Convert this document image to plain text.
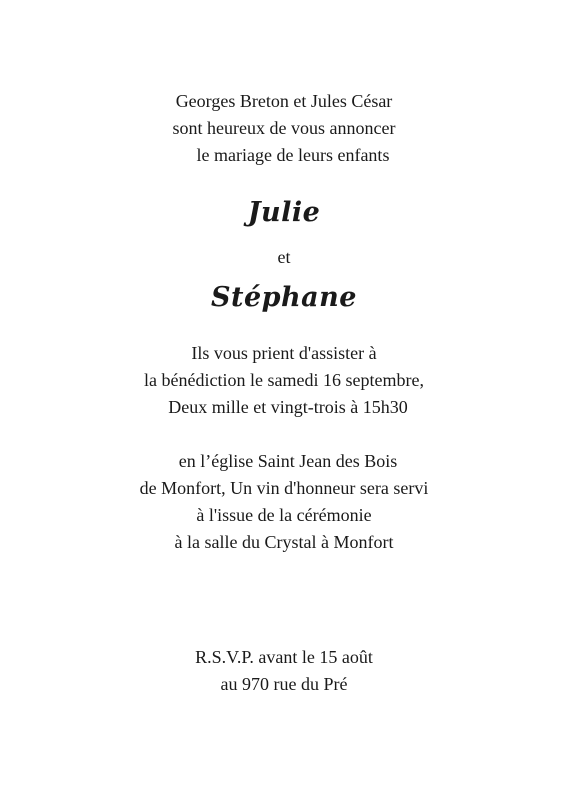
Georges Breton et Jules César
sont heureux de vous annoncer
le mariage de leurs enfants
Julie
et
Stéphane
Ils vous prient d'assister à
la bénédiction le samedi 16 septembre,
Deux mille et vingt-trois à 15h30
en l’église Saint Jean des Bois
de Monfort, Un vin d'honneur sera servi
à l'issue de la cérémonie
à la salle du Crystal à Monfort
R.S.V.P. avant le 15 août
au 970 rue du Pré
